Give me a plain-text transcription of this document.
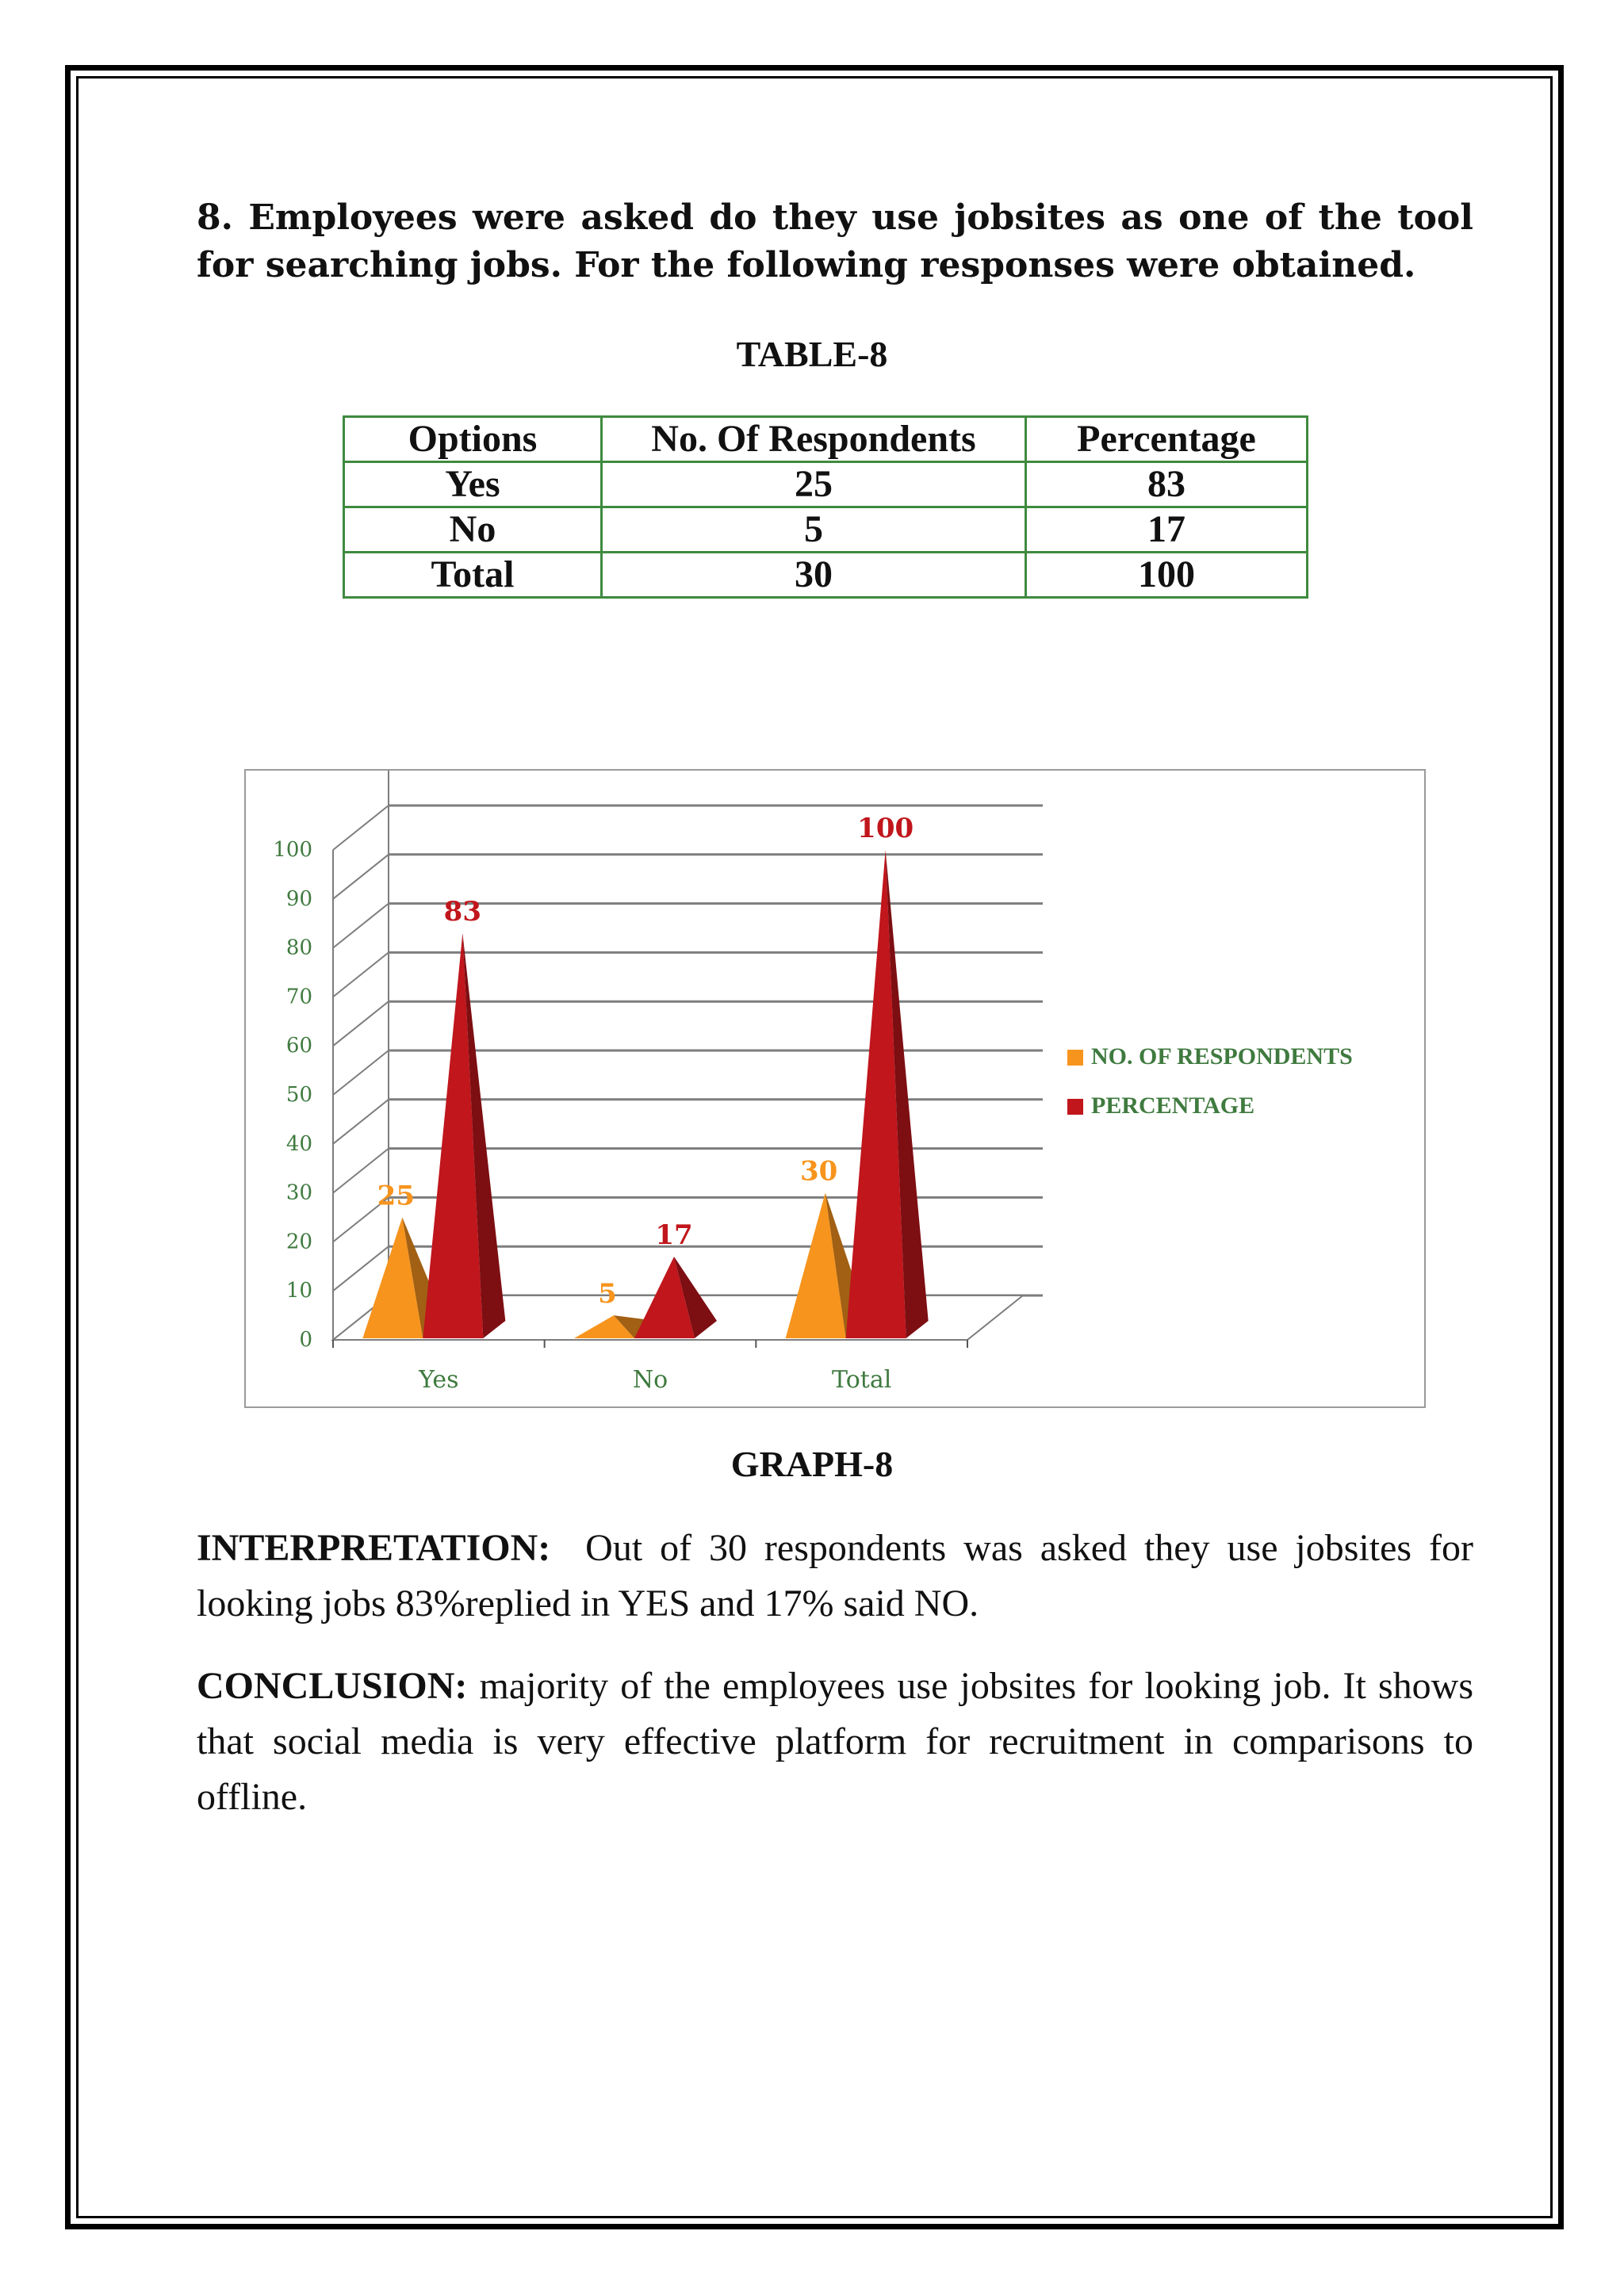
8. Employees were asked do they use jobsites as one of the tool for searching jobs. For the following responses were obtained.

TABLE-8

Options	No. Of Respondents	Percentage
Yes	25	83
No	5	17
Total	30	100
0
10
20
30
40
50
60
70
80
90
100
Yes	No	Total
25
5
30
83
17
100
NO. OF RESPONDENTS
PERCENTAGE

GRAPH-8

INTERPRETATION: Out of 30 respondents was asked they use jobsites for looking jobs 83%replied in YES and 17% said NO.

CONCLUSION: majority of the employees use jobsites for looking job. It shows that social media is very effective platform for recruitment in comparisons to offline.
